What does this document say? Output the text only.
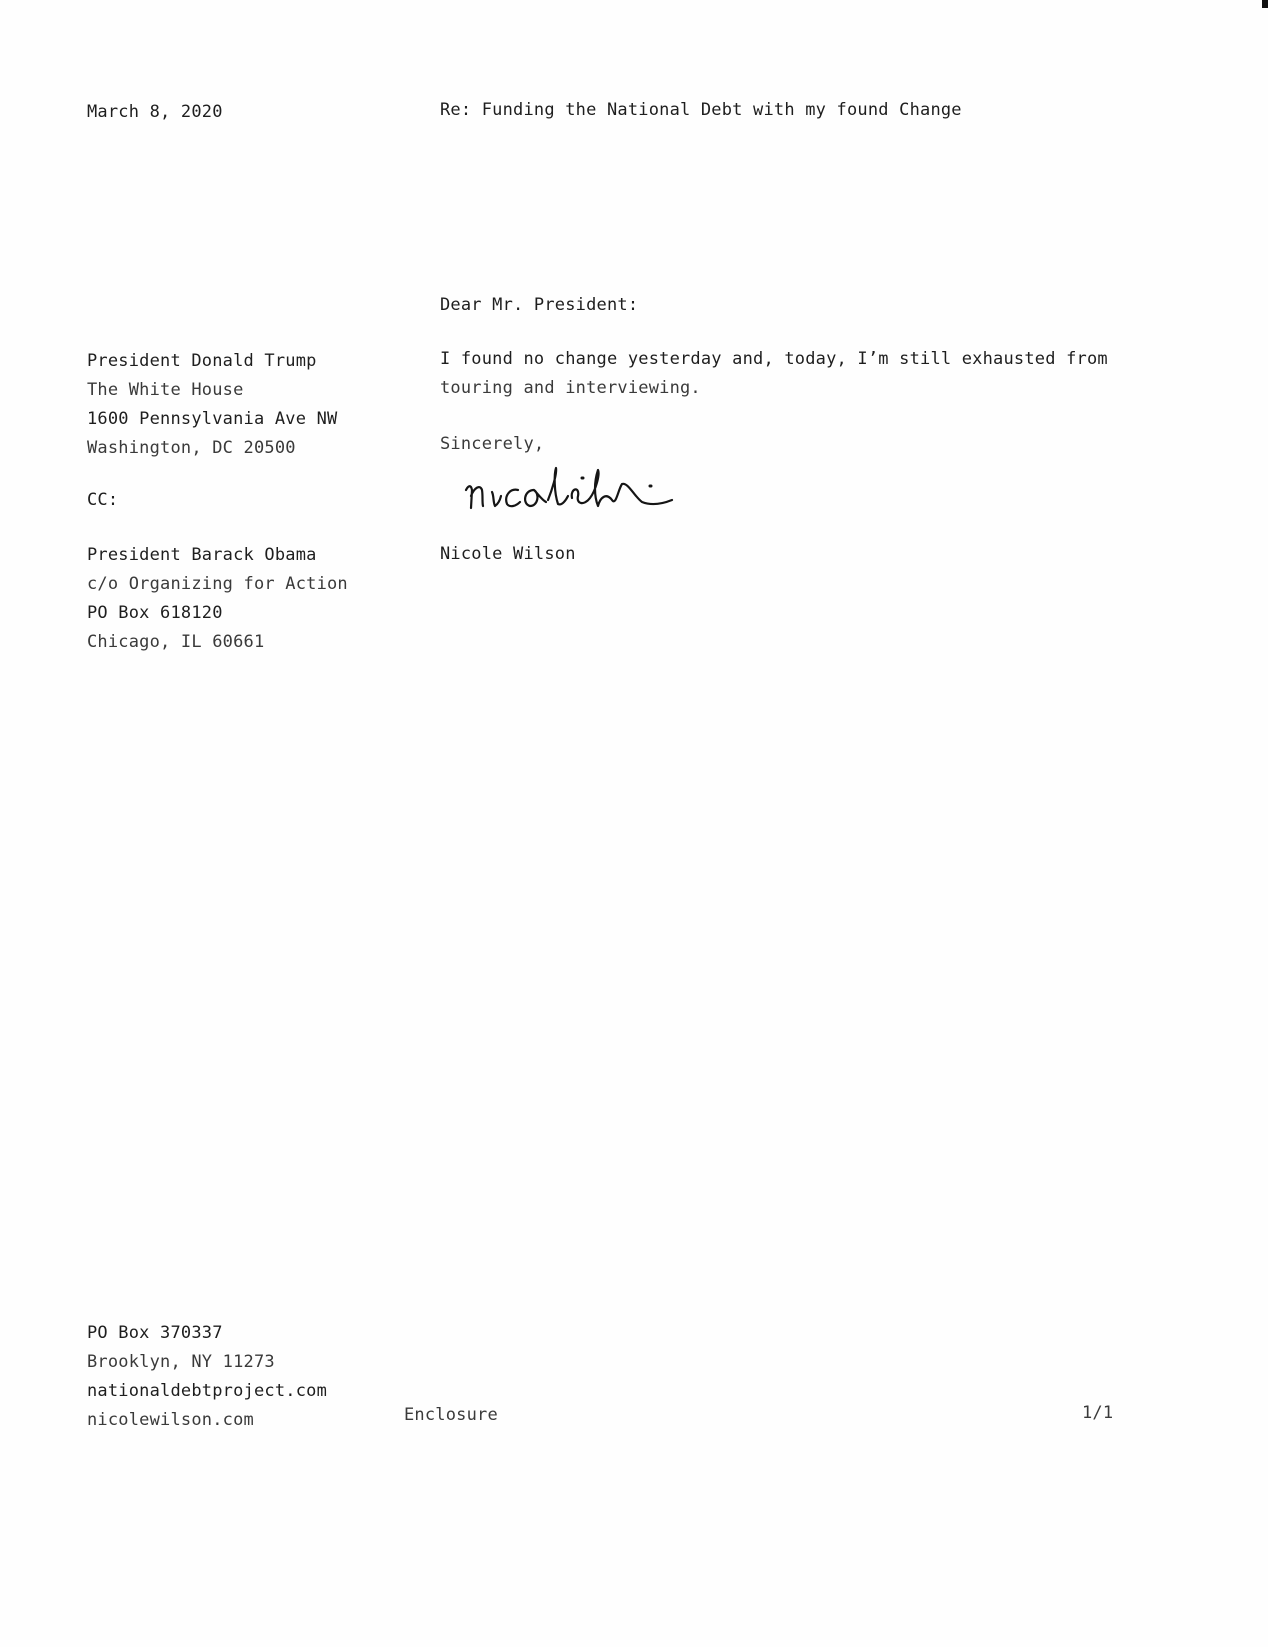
March 8, 2020	Re: Funding the National Debt with my found Change
Dear Mr. President:
President Donald Trump
The White House
1600 Pennsylvania Ave NW
Washington, DC 20500
I found no change yesterday and, today, I’m still exhausted from
touring and interviewing.
Sincerely,
Nicole Wilson
CC:
President Barack Obama
c/o Organizing for Action
PO Box 618120
Chicago, IL 60661
PO Box 370337
Brooklyn, NY 11273
nationaldebtproject.com
nicolewilson.com	Enclosure	1/1
